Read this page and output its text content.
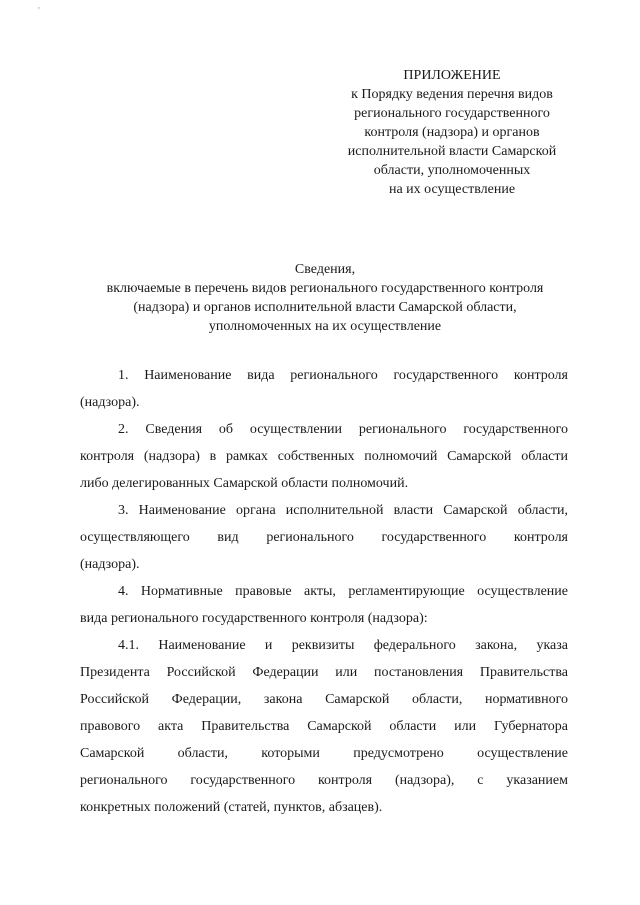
'
ПРИЛОЖЕНИЕ
к Порядку ведения перечня видов
регионального государственного
контроля (надзора) и органов
исполнительной власти Самарской
области, уполномоченных
на их осуществление
Сведения,
включаемые в перечень видов регионального государственного контроля
(надзора) и органов исполнительной власти Самарской области,
уполномоченных на их осуществление
1. Наименование вида регионального государственного контроля
(надзора).
2. Сведения об осуществлении регионального государственного
контроля (надзора) в рамках собственных полномочий Самарской области
либо делегированных Самарской области полномочий.
3. Наименование органа исполнительной власти Самарской области,
осуществляющего вид регионального государственного контроля
(надзора).
4. Нормативные правовые акты, регламентирующие осуществление
вида регионального государственного контроля (надзора):
4.1. Наименование и реквизиты федерального закона, указа
Президента Российской Федерации или постановления Правительства
Российской Федерации, закона Самарской области, нормативного
правового акта Правительства Самарской области или Губернатора
Самарской области, которыми предусмотрено осуществление
регионального государственного контроля (надзора), с указанием
конкретных положений (статей, пунктов, абзацев).
